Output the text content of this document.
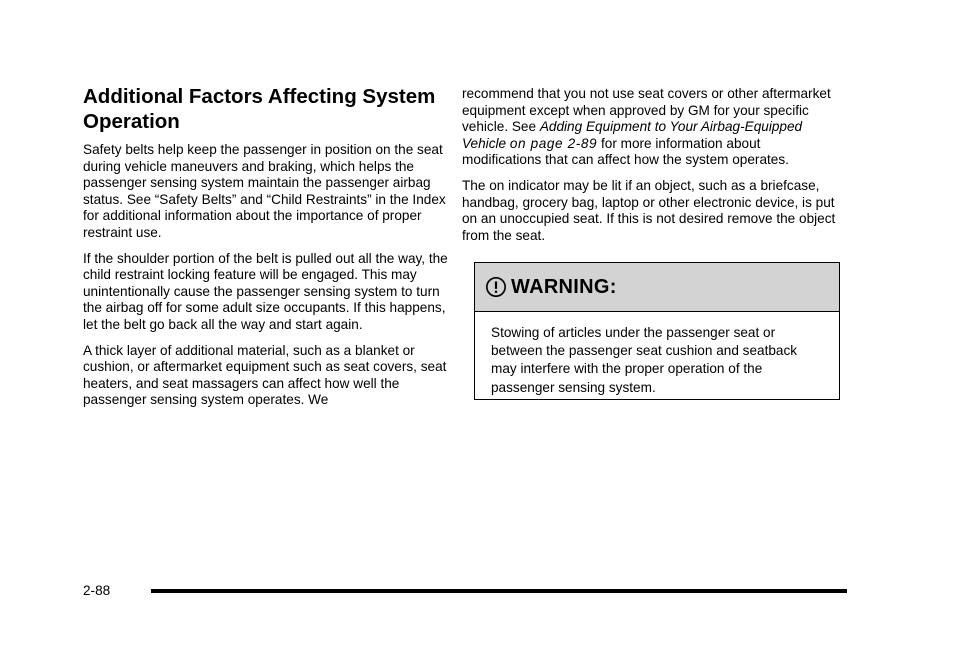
Additional Factors Affecting System Operation

Safety belts help keep the passenger in position on the seat during vehicle maneuvers and braking, which helps the passenger sensing system maintain the passenger airbag status. See “Safety Belts” and “Child Restraints” in the Index for additional information about the importance of proper restraint use.

If the shoulder portion of the belt is pulled out all the way, the child restraint locking feature will be engaged. This may unintentionally cause the passenger sensing system to turn the airbag off for some adult size occupants. If this happens, let the belt go back all the way and start again.

A thick layer of additional material, such as a blanket or cushion, or aftermarket equipment such as seat covers, seat heaters, and seat massagers can affect how well the passenger sensing system operates. We

recommend that you not use seat covers or other aftermarket equipment except when approved by GM for your specific vehicle. See Adding Equipment to Your Airbag-Equipped Vehicle on page 2-89 for more information about modifications that can affect how the system operates.

The on indicator may be lit if an object, such as a briefcase, handbag, grocery bag, laptop or other electronic device, is put on an unoccupied seat. If this is not desired remove the object from the seat.

WARNING:
Stowing of articles under the passenger seat or between the passenger seat cushion and seatback may interfere with the proper operation of the passenger sensing system.
2-88
